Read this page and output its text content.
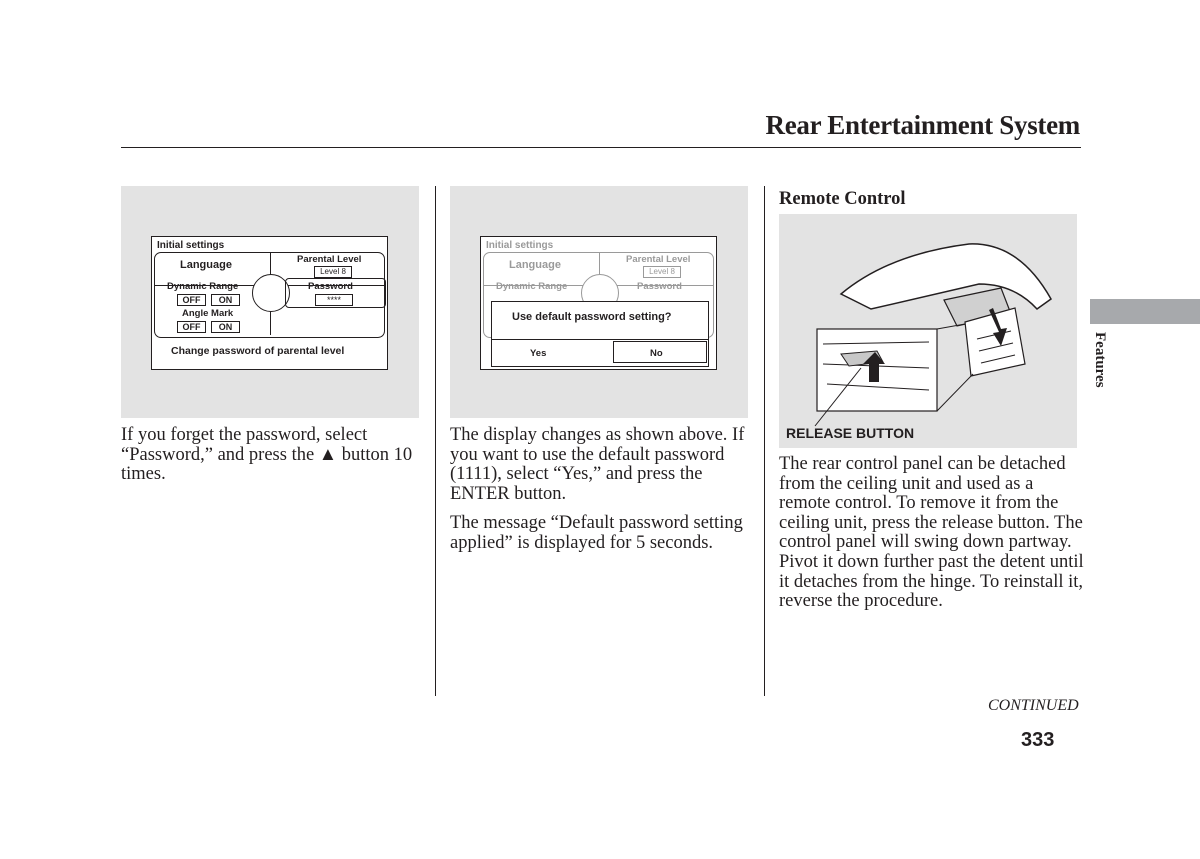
Rear Entertainment System
Initial settings
Language	Parental Level
Level 8
Dynamic Range
OFF	ON
Password
****
Angle Mark
OFF	ON
Change password of parental level
Initial settings
Language	Parental Level
Level 8
Dynamic Range	Password
Use default password setting?
Yes	No

If you forget the password, select “Password,” and press the ▲ button 10 times.

The display changes as shown above. If you want to use the default password (1111), select “Yes,” and press the ENTER button.

The message “Default password setting applied” is displayed for 5 seconds.

Remote Control
RELEASE BUTTON

The rear control panel can be detached from the ceiling unit and used as a remote control. To remove it from the ceiling unit, press the release button. The control panel will swing down partway. Pivot it down further past the detent until it detaches from the hinge. To reinstall it, reverse the procedure.

CONTINUED
333
Features
